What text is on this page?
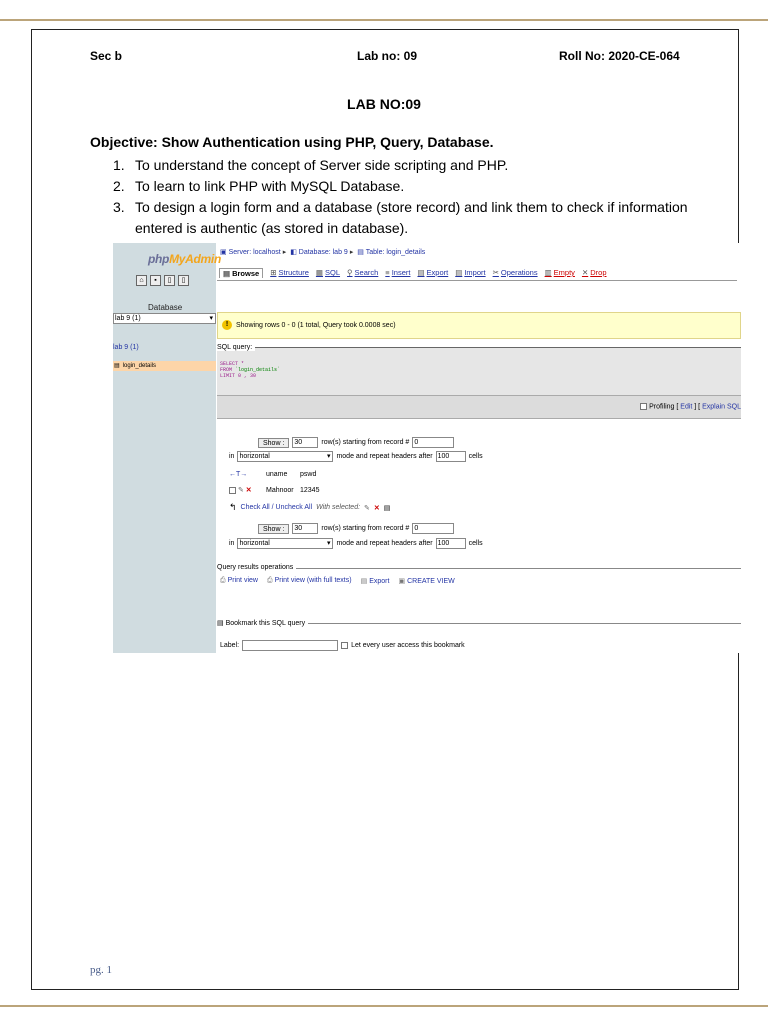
Sec b	Lab no: 09	Roll No: 2020-CE-064
LAB NO:09
Objective: Show Authentication using PHP, Query, Database.
1. To understand the concept of Server side scripting and PHP.
2. To learn to link PHP with MySQL Database.
3. To design a login form and a database (store record) and link them to check if information entered is authentic (as stored in database).
phpMyAdmin
⌂	▪	▯	▯
Database
lab 9 (1)	▾
lab 9 (1)
▤ login_details
▣ Server: localhost ▸ ◧ Database: lab 9 ▸ ▤ Table: login_details
▤ Browse	⊞ Structure ▦ SQL ⚲ Search ≡ Insert ▤ Export ▤ Import ✂ Operations ▥ Empty ✕ Drop
!	Showing rows 0 - 0 (1 total, Query took 0.0008 sec)
SQL query:
SELECT *
FROM `login_details`
LIMIT 0 , 30
Profiling [ Edit ] [ Explain SQL
Show :	30	row(s) starting from record # 0
in horizontal	▾ mode and repeat headers after 100	cells
←T→	uname	pswd
✎ ✕	Mahnoor 12345
↰ Check All / Uncheck All With selected: ✎ ✕ ▤
Show :	30	row(s) starting from record # 0
in horizontal	▾ mode and repeat headers after 100	cells
Query results operations
⎙ Print view ⎙ Print view (with full texts) ▤ Export ▣ CREATE VIEW
▤ Bookmark this SQL query
Label:	Let every user access this bookmark
pg. 1
